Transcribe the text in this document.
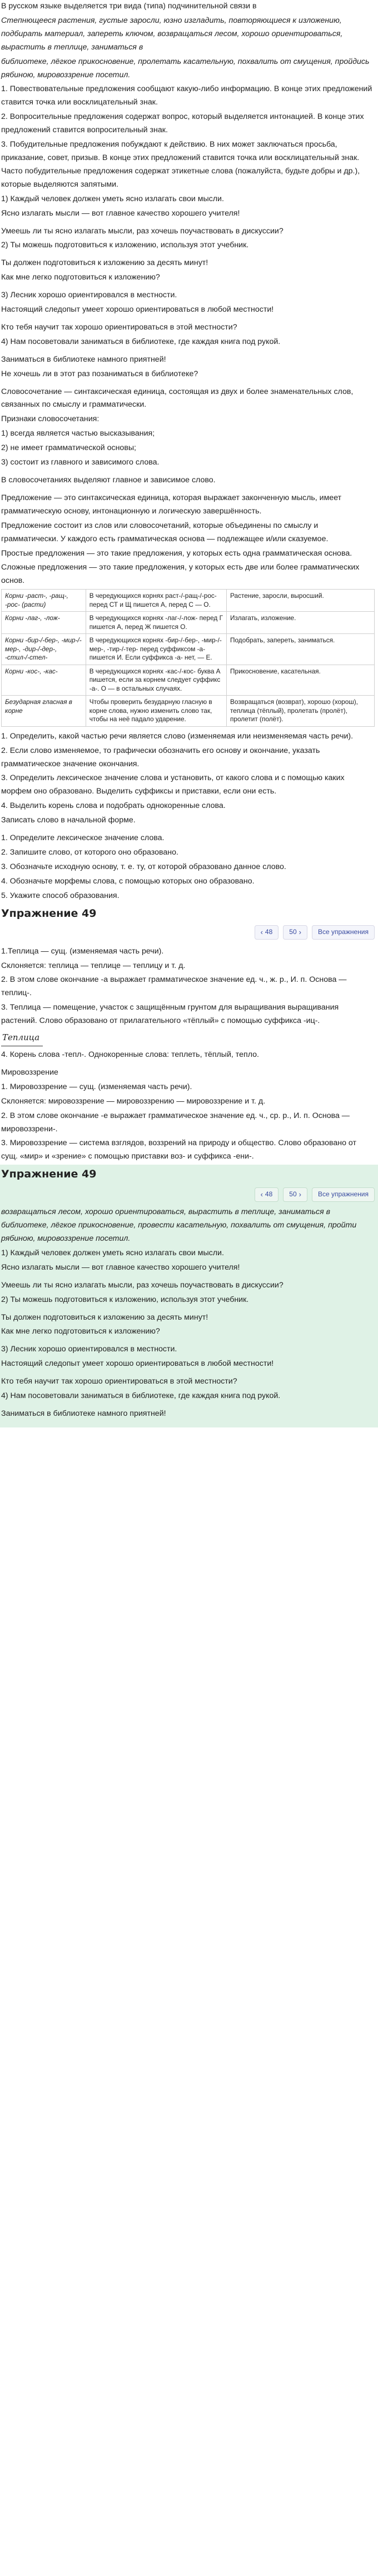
В русском языке выделяется три вида (типа) подчинительной связи в

Степнющееся растения, густые заросли, юзно изгладить, повторяющиеся к изложению, подбирать материал, запереть ключом, возвращаться лесом, хорошо ориентироваться, вырастить в теплице, заниматься в

библиотеке, лёгкое прикосновение, пролетать касательную, похвалить от смущения, пройдись рябиною, мировоззрение посетил.

1. Повествовательные предложения сообщают какую-либо информацию. В конце этих предложений ставится точка или восклицательный знак.

2. Вопросительные предложения содержат вопрос, который выделяется интонацией. В конце этих предложений ставится вопросительный знак.

3. Побудительные предложения побуждают к действию. В них может заключаться просьба, приказание, совет, призыв. В конце этих предложений ставится точка или восклицательный знак. Часто побудительные предложения содержат этикетные слова (пожалуйста, будьте добры и др.), которые выделяются запятыми.

1) Каждый человек должен уметь ясно излагать свои мысли.

Ясно излагать мысли — вот главное качество хорошего учителя!

Умеешь ли ты ясно излагать мысли, раз хочешь поучаствовать в дискуссии?

2) Ты можешь подготовиться к изложению, используя этот учебник.

Ты должен подготовиться к изложению за десять минут!

Как мне легко подготовиться к изложению?

3) Лесник хорошо ориентировался в местности.

Настоящий следопыт умеет хорошо ориентироваться в любой местности!

Кто тебя научит так хорошо ориентироваться в этой местности?

4) Нам посоветовали заниматься в библиотеке, где каждая книга под рукой.

Заниматься в библиотеке намного приятней!

Не хочешь ли в этот раз позаниматься в библиотеке?

Словосочетание — синтаксическая единица, состоящая из двух и более знаменательных слов, связанных по смыслу и грамматически.

Признаки словосочетания:

1) всегда является частью высказывания;

2) не имеет грамматической основы;

3) состоит из главного и зависимого слова.

В словосочетаниях выделяют главное и зависимое слово.

Предложение — это синтаксическая единица, которая выражает законченную мысль, имеет грамматическую основу, интонационную и логическую завершённость.

Предложение состоит из слов или словосочетаний, которые объединены по смыслу и грамматически. У каждого есть грамматическая основа — подлежащее и/или сказуемое.

Простые предложения — это такие предложения, у которых есть одна грамматическая основа.

Сложные предложения — это такие предложения, у которых есть две или более грамматических основ.

Корни -раст-, -ращ-, -рос- (расти)	В чередующихся корнях раст-/-ращ-/-рос- перед СТ и Щ пишется А, перед С — О.	Растение, заросли, выросший.
Корни -лаг-, -лож-	В чередующихся корнях -лаг-/-лож- перед Г пишется А, перед Ж пишется О.	Излагать, изложение.
Корни -бир-/-бер-, -мир-/-мер-, -дир-/-дер-, -стил-/-стел-	В чередующихся корнях -бир-/-бер-, -мир-/-мер-, -тир-/-тер- перед суффиксом -а- пишется И. Если суффикса -а- нет, — Е.	Подобрать, запереть, заниматься.
Корни -кос-, -кас-	В чередующихся корнях -кас-/-кос- буква А пишется, если за корнем следует суффикс -а-. О — в остальных случаях.	Прикосновение, касательная.
Безударная гласная в корне	Чтобы проверить безударную гласную в корне слова, нужно изменить слово так, чтобы на неё падало ударение.	Возвращаться (возврат), хорошо (хорош), теплица (тёплый), пролетать (пролёт), пролетит (полёт).

1. Определить, какой частью речи является слово (изменяемая или неизменяемая часть речи).

2. Если слово изменяемое, то графически обозначить его основу и окончание, указать грамматическое значение окончания.

3. Определить лексическое значение слова и установить, от какого слова и с помощью каких морфем оно образовано. Выделить суффиксы и приставки, если они есть.

4. Выделить корень слова и подобрать однокоренные слова.

Записать слово в начальной форме.

1. Определите лексическое значение слова.

2. Запишите слово, от которого оно образовано.

3. Обозначьте исходную основу, т. е. ту, от которой образовано данное слово.

4. Обозначьте морфемы слова, с помощью которых оно образовано.

5. Укажите способ образования.

Упражнение 49
‹ 48	50 ›	Все упражнения

1.Теплица — сущ. (изменяемая часть речи).

Склоняется: теплица — теплице — теплицу и т. д.

2. В этом слове окончание -а выражает грамматическое значение ед. ч., ж. р., И. п. Основа — теплиц-.

3. Теплица — помещение, участок с защищённым грунтом для выращивания выращивания растений. Слово образовано от прилагательного «тёплый» с помощью суффикса -иц-.

Теплица

4. Корень слова -тепл-. Однокоренные слова: теплеть, тёплый, тепло.

Мировоззрение

1. Мировоззрение — сущ. (изменяемая часть речи).

Склоняется: мировоззрение — мировоззрению — мировоззрение и т. д.

2. В этом слове окончание -е выражает грамматическое значение ед. ч., ср. р., И. п. Основа — мировоззрени-.

3. Мировоззрение — система взглядов, воззрений на природу и общество. Слово образовано от сущ. «мир» и «зрение» с помощью приставки воз- и суффикса -ени-.

Упражнение 49
‹ 48	50 ›	Все упражнения

возвращаться лесом, хорошо ориентироваться, вырастить в теплице, заниматься в библиотеке, лёгкое прикосновение, провести касательную, похвалить от смущения, пройти рябиною, мировоззрение посетил.

1) Каждый человек должен уметь ясно излагать свои мысли.

Ясно излагать мысли — вот главное качество хорошего учителя!

Умеешь ли ты ясно излагать мысли, раз хочешь поучаствовать в дискуссии?

2) Ты можешь подготовиться к изложению, используя этот учебник.

Ты должен подготовиться к изложению за десять минут!

Как мне легко подготовиться к изложению?

3) Лесник хорошо ориентировался в местности.

Настоящий следопыт умеет хорошо ориентироваться в любой местности!

Кто тебя научит так хорошо ориентироваться в этой местности?

4) Нам посоветовали заниматься в библиотеке, где каждая книга под рукой.

Заниматься в библиотеке намного приятней!
